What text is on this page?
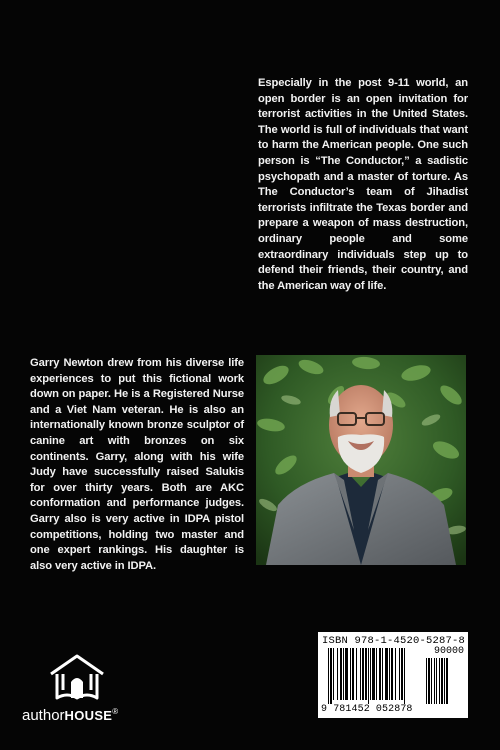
Especially in the post 9-11 world, an open border is an open invitation for terrorist activities in the United States. The world is full of individuals that want to harm the American people. One such person is “The Conductor,” a sadistic psychopath and a master of torture. As The Conductor’s team of Jihadist terrorists infiltrate the Texas border and prepare a weapon of mass destruction, ordinary people and some extraordinary individuals step up to defend their friends, their country, and the American way of life.
Garry Newton drew from his diverse life experiences to put this fictional work down on paper. He is a Registered Nurse and a Viet Nam veteran. He is also an internationally known bronze sculptor of canine art with bronzes on six continents. Garry, along with his wife Judy have successfully raised Salukis for over thirty years. Both are AKC conformation and performance judges. Garry also is very active in IDPA pistol competitions, holding two master and one expert rankings. His daughter is also very active in IDPA.
ISBN 978-1-4520-5287-8
90000
9 781452 052878
authorHOUSE®
